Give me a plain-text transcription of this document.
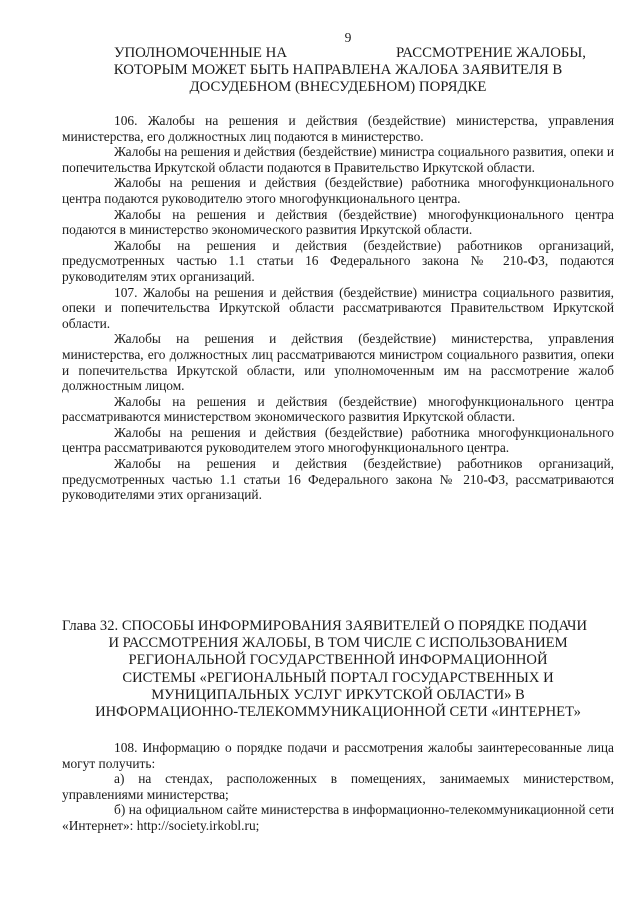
9
УПОЛНОМОЧЕННЫЕ НА	РАССМОТРЕНИЕ ЖАЛОБЫ,
КОТОРЫМ МОЖЕТ БЫТЬ НАПРАВЛЕНА ЖАЛОБА ЗАЯВИТЕЛЯ В
ДОСУДЕБНОМ (ВНЕСУДЕБНОМ) ПОРЯДКЕ

106. Жалобы на решения и действия (бездействие) министерства, управления министерства, его должностных лиц подаются в министерство.

Жалобы на решения и действия (бездействие) министра социального развития, опеки и попечительства Иркутской области подаются в Правительство Иркутской области.

Жалобы на решения и действия (бездействие) работника многофункционального центра подаются руководителю этого многофункционального центра.

Жалобы на решения и действия (бездействие) многофункционального центра подаются в министерство экономического развития Иркутской области.

Жалобы на решения и действия (бездействие) работников организаций, предусмотренных частью 1.1 статьи 16 Федерального закона № 210-ФЗ, подаются руководителям этих организаций.

107. Жалобы на решения и действия (бездействие) министра социального развития, опеки и попечительства Иркутской области рассматриваются Правительством Иркутской области.

Жалобы на решения и действия (бездействие) министерства, управления министерства, его должностных лиц рассматриваются министром социального развития, опеки и попечительства Иркутской области, или уполномоченным им на рассмотрение жалоб должностным лицом.

Жалобы на решения и действия (бездействие) многофункционального центра рассматриваются министерством экономического развития Иркутской области.

Жалобы на решения и действия (бездействие) работника многофункционального центра рассматриваются руководителем этого многофункционального центра.

Жалобы на решения и действия (бездействие) работников организаций, предусмотренных частью 1.1 статьи 16 Федерального закона № 210-ФЗ, рассматриваются руководителями этих организаций.

Глава 32. СПОСОБЫ ИНФОРМИРОВАНИЯ ЗАЯВИТЕЛЕЙ О ПОРЯДКЕ ПОДАЧИ
И РАССМОТРЕНИЯ ЖАЛОБЫ, В ТОМ ЧИСЛЕ С ИСПОЛЬЗОВАНИЕМ
РЕГИОНАЛЬНОЙ ГОСУДАРСТВЕННОЙ ИНФОРМАЦИОННОЙ
СИСТЕМЫ «РЕГИОНАЛЬНЫЙ ПОРТАЛ ГОСУДАРСТВЕННЫХ И
МУНИЦИПАЛЬНЫХ УСЛУГ ИРКУТСКОЙ ОБЛАСТИ» В
ИНФОРМАЦИОННО-ТЕЛЕКОММУНИКАЦИОННОЙ СЕТИ «ИНТЕРНЕТ»

108. Информацию о порядке подачи и рассмотрения жалобы заинтересованные лица могут получить:

а) на стендах, расположенных в помещениях, занимаемых министерством, управлениями министерства;

б) на официальном сайте министерства в информационно-телекоммуникационной сети «Интернет»: http://society.irkobl.ru;
